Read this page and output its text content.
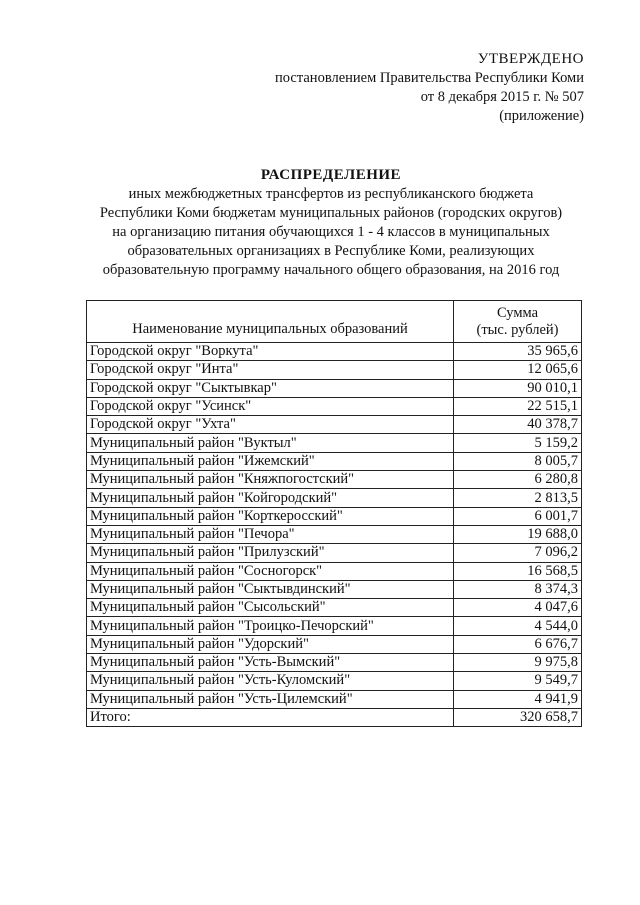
УТВЕРЖДЕНО
постановлением Правительства Республики Коми
от 8 декабря 2015 г. № 507
(приложение)
РАСПРЕДЕЛЕНИЕ
иных межбюджетных трансфертов из республиканского бюджета
Республики Коми бюджетам муниципальных районов (городских округов)
на организацию питания обучающихся 1 - 4 классов в муниципальных
образовательных организациях в Республике Коми, реализующих
образовательную программу начального общего образования, на 2016 год
Наименование муниципальных образований	Сумма
(тыс. рублей)

Городской округ "Воркута"	35 965,6
Городской округ "Инта"	12 065,6
Городской округ "Сыктывкар"	90 010,1
Городской округ "Усинск"	22 515,1
Городской округ "Ухта"	40 378,7
Муниципальный район "Вуктыл"	5 159,2
Муниципальный район "Ижемский"	8 005,7
Муниципальный район "Княжпогостский"	6 280,8
Муниципальный район "Койгородский"	2 813,5
Муниципальный район "Корткеросский"	6 001,7
Муниципальный район "Печора"	19 688,0
Муниципальный район "Прилузский"	7 096,2
Муниципальный район "Сосногорск"	16 568,5
Муниципальный район "Сыктывдинский"	8 374,3
Муниципальный район "Сысольский"	4 047,6
Муниципальный район "Троицко-Печорский"	4 544,0
Муниципальный район "Удорский"	6 676,7
Муниципальный район "Усть-Вымский"	9 975,8
Муниципальный район "Усть-Куломский"	9 549,7
Муниципальный район "Усть-Цилемский"	4 941,9
Итого:	320 658,7
